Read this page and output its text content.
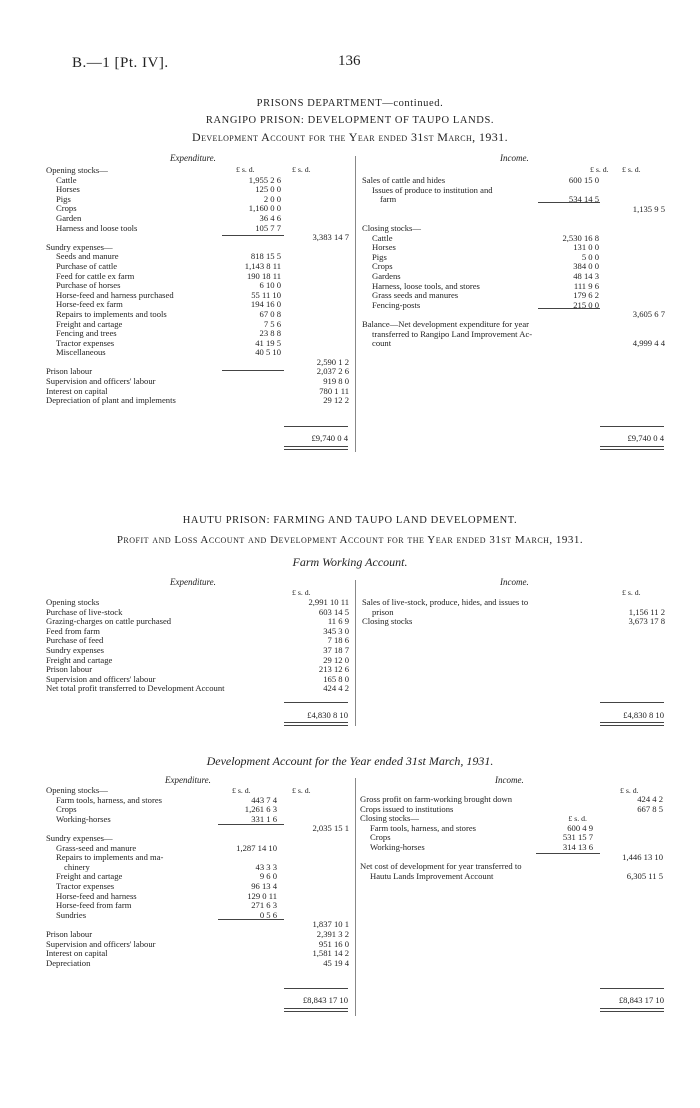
B.—1 [Pt. IV].	136
PRISONS DEPARTMENT—continued.
RANGIPO PRISON: DEVELOPMENT OF TAUPO LANDS.
Development Account for the Year ended 31st March, 1931.
Expenditure.	Income.
£ s. d.	£ s. d.	£ s. d. £ s. d.
Opening stocks—
Cattle	1,955 2 6
Horses	125 0 0
Pigs	2 0 0
Crops	1,160 0 0
Garden	36 4 6
Harness and loose tools	105 7 7
3,383 14 7
Sundry expenses—
Seeds and manure	818 15 5
Purchase of cattle	1,143 8 11
Feed for cattle ex farm	190 18 11
Purchase of horses	6 10 0
Horse-feed and harness purchased	55 11 10
Horse-feed ex farm	194 16 0
Repairs to implements and tools	67 0 8
Freight and cartage	7 5 6
Fencing and trees	23 8 8
Tractor expenses	41 19 5
Miscellaneous	40 5 10
2,590 1 2
Prison labour	2,037 2 6
Supervision and officers' labour	919 8 0
Interest on capital	780 1 11
Depreciation of plant and implements	29 12 2
£9,740 0 4
Sales of cattle and hides	600 15 0
Issues of produce to institution and
farm	534 14 5
1,135 9 5
Closing stocks—
Cattle	2,530 16 8
Horses	131 0 0
Pigs	5 0 0
Crops	384 0 0
Gardens	48 14 3
Harness, loose tools, and stores	111 9 6
Grass seeds and manures	179 6 2
Fencing-posts	215 0 0
3,605 6 7
Balance—Net development expenditure for year
transferred to Rangipo Land Improvement Ac-
count	4,999 4 4
£9,740 0 4
HAUTU PRISON: FARMING AND TAUPO LAND DEVELOPMENT.
Profit and Loss Account and Development Account for the Year ended 31st March, 1931.
Farm Working Account.
Expenditure.	Income.
£ s. d.	£ s. d.
Opening stocks	2,991 10 11
Purchase of live-stock	603 14 5
Grazing-charges on cattle purchased	11 6 9
Feed from farm	345 3 0
Purchase of feed	7 18 6
Sundry expenses	37 18 7
Freight and cartage	29 12 0
Prison labour	213 12 6
Supervision and officers' labour	165 8 0
Net total profit transferred to Development Account	424 4 2
£4,830 8 10
Sales of live-stock, produce, hides, and issues to
prison	1,156 11 2
Closing stocks	3,673 17 8
£4,830 8 10
Development Account for the Year ended 31st March, 1931.
Expenditure.	Income.
£ s. d.	£ s. d.	£ s. d.
Opening stocks—
Farm tools, harness, and stores	443 7 4
Crops	1,261 6 3
Working-horses	331 1 6
2,035 15 1
Sundry expenses—
Grass-seed and manure	1,287 14 10
Repairs to implements and ma-
chinery	43 3 3
Freight and cartage	9 6 0
Tractor expenses	96 13 4
Horse-feed and harness	129 0 11
Horse-feed from farm	271 6 3
Sundries	0 5 6
1,837 10 1
Prison labour	2,391 3 2
Supervision and officers' labour	951 16 0
Interest on capital	1,581 14 2
Depreciation	45 19 4
£8,843 17 10
Gross profit on farm-working brought down	424 4 2
Crops issued to institutions	667 8 5
Closing stocks—	£ s. d.
Farm tools, harness, and stores	600 4 9
Crops	531 15 7
Working-horses	314 13 6
1,446 13 10
Net cost of development for year transferred to
Hautu Lands Improvement Account	6,305 11 5
£8,843 17 10
